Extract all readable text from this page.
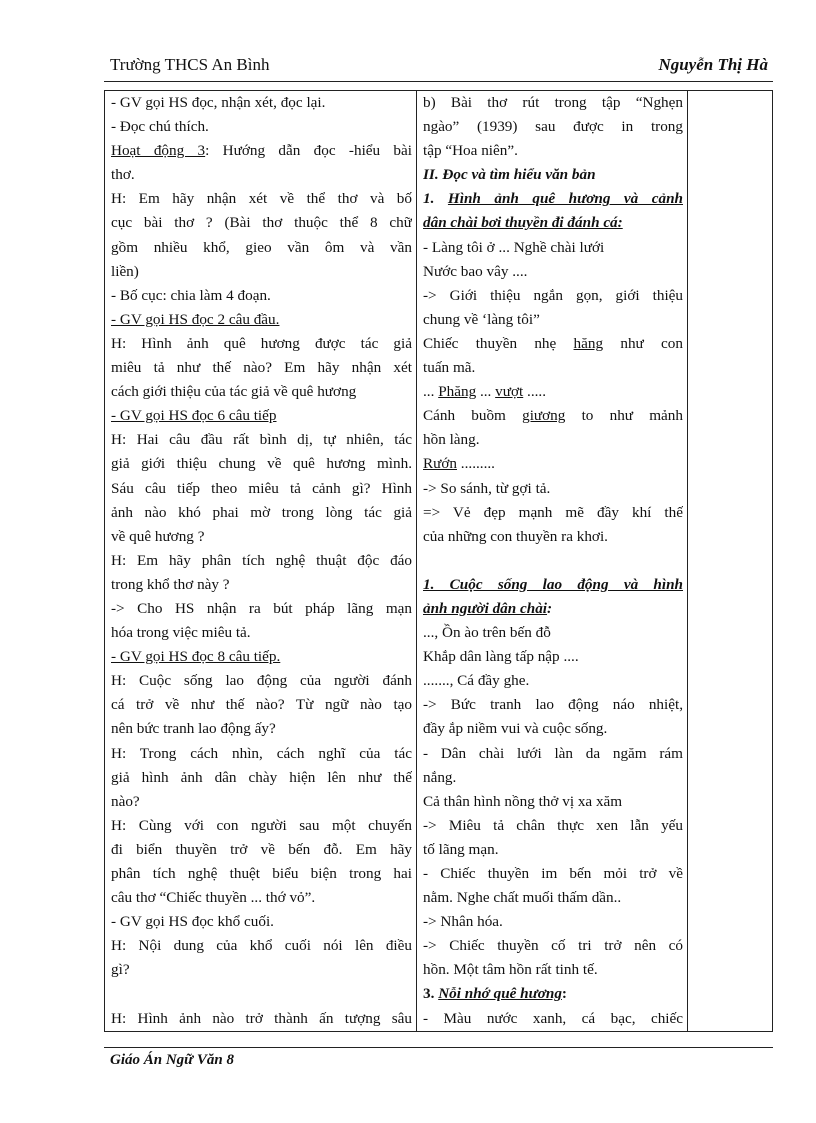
Trường THCS An Bình	Nguyễn Thị Hà
- GV gọi HS đọc, nhận xét, đọc lại.
- Đọc chú thích.
Hoạt động 3: Hướng dẫn đọc -hiểu bài
thơ.
H: Em hãy nhận xét về thể thơ và bố
cục bài thơ ? (Bài thơ thuộc thể 8 chữ
gồm nhiều khổ, gieo vần ôm và vần
liền)
- Bố cục: chia làm 4 đoạn.
- GV gọi HS đọc 2 câu đầu.
H: Hình ảnh quê hương được tác giả
miêu tả như thế nào? Em hãy nhận xét
cách giới thiệu của tác giả về quê hương
- GV gọi HS đọc 6 câu tiếp
H: Hai câu đầu rất bình dị, tự nhiên, tác
giả giới thiệu chung về quê hương mình.
Sáu câu tiếp theo miêu tả cảnh gì? Hình
ảnh nào khó phai mờ trong lòng tác giả
về quê hương ?
H: Em hãy phân tích nghệ thuật độc đáo
trong khổ thơ này ?
-> Cho HS nhận ra bút pháp lãng mạn
hóa trong việc miêu tả.
- GV gọi HS đọc 8 câu tiếp.
H: Cuộc sống lao động của người đánh
cá trở về như thế nào? Từ ngữ nào tạo
nên bức tranh lao động ấy?
H: Trong cách nhìn, cách nghĩ của tác
giả hình ảnh dân chày hiện lên như thế
nào?
H: Cùng với con người sau một chuyến
đi biển thuyền trở về bến đỗ. Em hãy
phân tích nghệ thuệt biểu biện trong hai
câu thơ “Chiếc thuyền ... thớ vỏ”.
- GV gọi HS đọc khổ cuối.
H: Nội dung của khổ cuối nói lên điều
gì?
H: Hình ảnh nào trở thành ấn tượng sâu
b) Bài thơ rút trong tập “Nghẹn
ngào” (1939) sau được in trong
tập “Hoa niên”.
II. Đọc và tìm hiểu văn bản
1. Hình ảnh quê hương và cảnh
dân chài bơi thuyền đi đánh cá:
- Làng tôi ở ... Nghề chài lưới
Nước bao vây ....
-> Giới thiệu ngắn gọn, giới thiệu
chung về ‘làng tôi”
Chiếc thuyền nhẹ hăng như con
tuấn mã.
... Phăng ... vượt .....
Cánh buồm giương to như mảnh
hồn làng.
Rướn .........
-> So sánh, từ gợi tả.
=> Vẻ đẹp mạnh mẽ đầy khí thế
của những con thuyền ra khơi.
1. Cuộc sống lao động và hình
ảnh người dân chài:
..., Ồn ào trên bến đỗ
Khắp dân làng tấp nập ....
......., Cá đầy ghe.
-> Bức tranh lao động náo nhiệt,
đầy ắp niềm vui và cuộc sống.
- Dân chài lưới làn da ngăm rám
nắng.
Cả thân hình nồng thở vị xa xăm
-> Miêu tả chân thực xen lẫn yếu
tố lãng mạn.
- Chiếc thuyền im bến mỏi trở về
nằm. Nghe chất muối thấm dần..
-> Nhân hóa.
-> Chiếc thuyền cố tri trở nên có
hồn. Một tâm hồn rất tinh tế.
3. Nỗi nhớ quê hương:
- Màu nước xanh, cá bạc, chiếc
Giáo Án Ngữ Văn 8
